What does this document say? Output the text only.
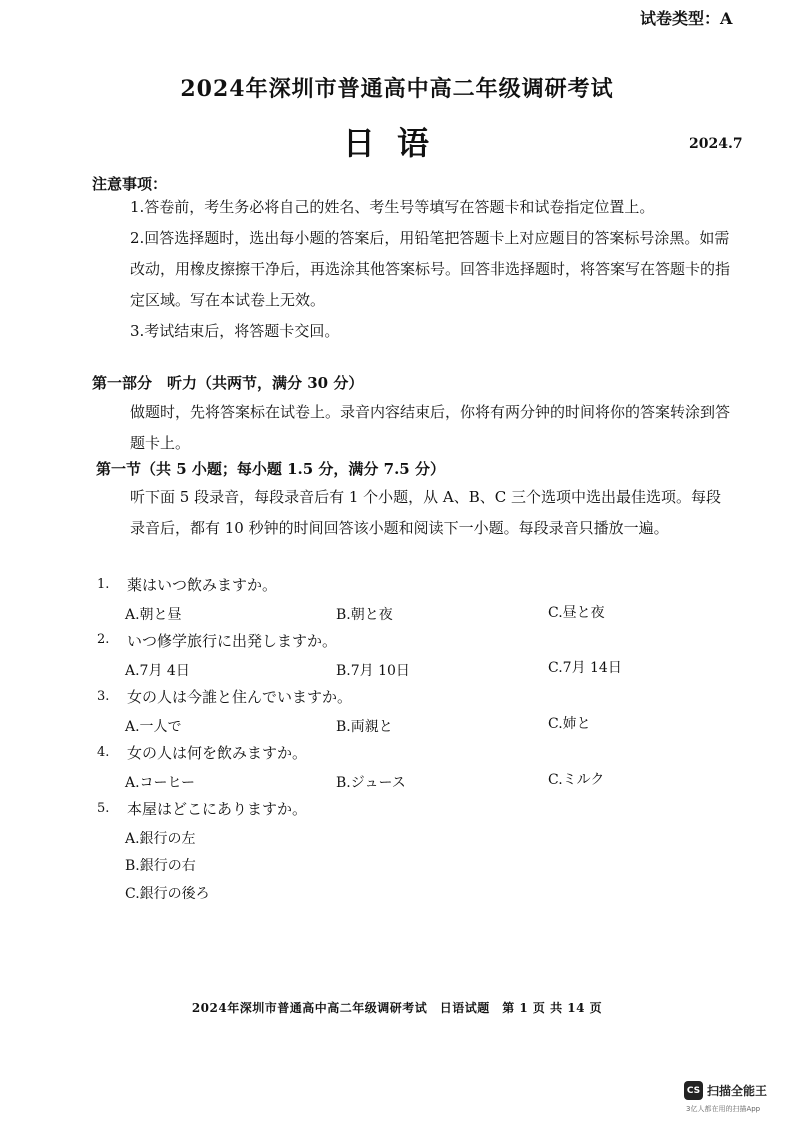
试卷类型：A
2024年深圳市普通高中高二年级调研考试
日语	2024.7
注意事项：
1.答卷前，考生务必将自己的姓名、考生号等填写在答题卡和试卷指定位置上。
2.回答选择题时，选出每小题的答案后，用铅笔把答题卡上对应题目的答案标号涂黑。如需改动，用橡皮擦擦干净后，再选涂其他答案标号。回答非选择题时，将答案写在答题卡的指定区域。写在本试卷上无效。
3.考试结束后，将答题卡交回。
第一部分　听力（共两节，满分 30 分）
做题时，先将答案标在试卷上。录音内容结束后，你将有两分钟的时间将你的答案转涂到答题卡上。
第一节（共 5 小题；每小题 1.5 分，满分 7.5 分）
听下面 5 段录音，每段录音后有 1 个小题，从 A、B、C 三个选项中选出最佳选项。每段录音后，都有 10 秒钟的时间回答该小题和阅读下一小题。每段录音只播放一遍。
1. 薬はいつ飲みますか。
A.朝と昼	B.朝と夜	C.昼と夜
2. いつ修学旅行に出発しますか。
A.7月 4日	B.7月 10日	C.7月 14日
3. 女の人は今誰と住んでいますか。
A.一人で	B.両親と	C.姉と
4. 女の人は何を飲みますか。
A.コーヒー	B.ジュース	C.ミルク
5. 本屋はどこにありますか。
A.銀行の左
B.銀行の右
C.銀行の後ろ
2024年深圳市普通高中高二年级调研考试　日语试题　第 1 页 共 14 页
CS 扫描全能王
3亿人都在用的扫描App
